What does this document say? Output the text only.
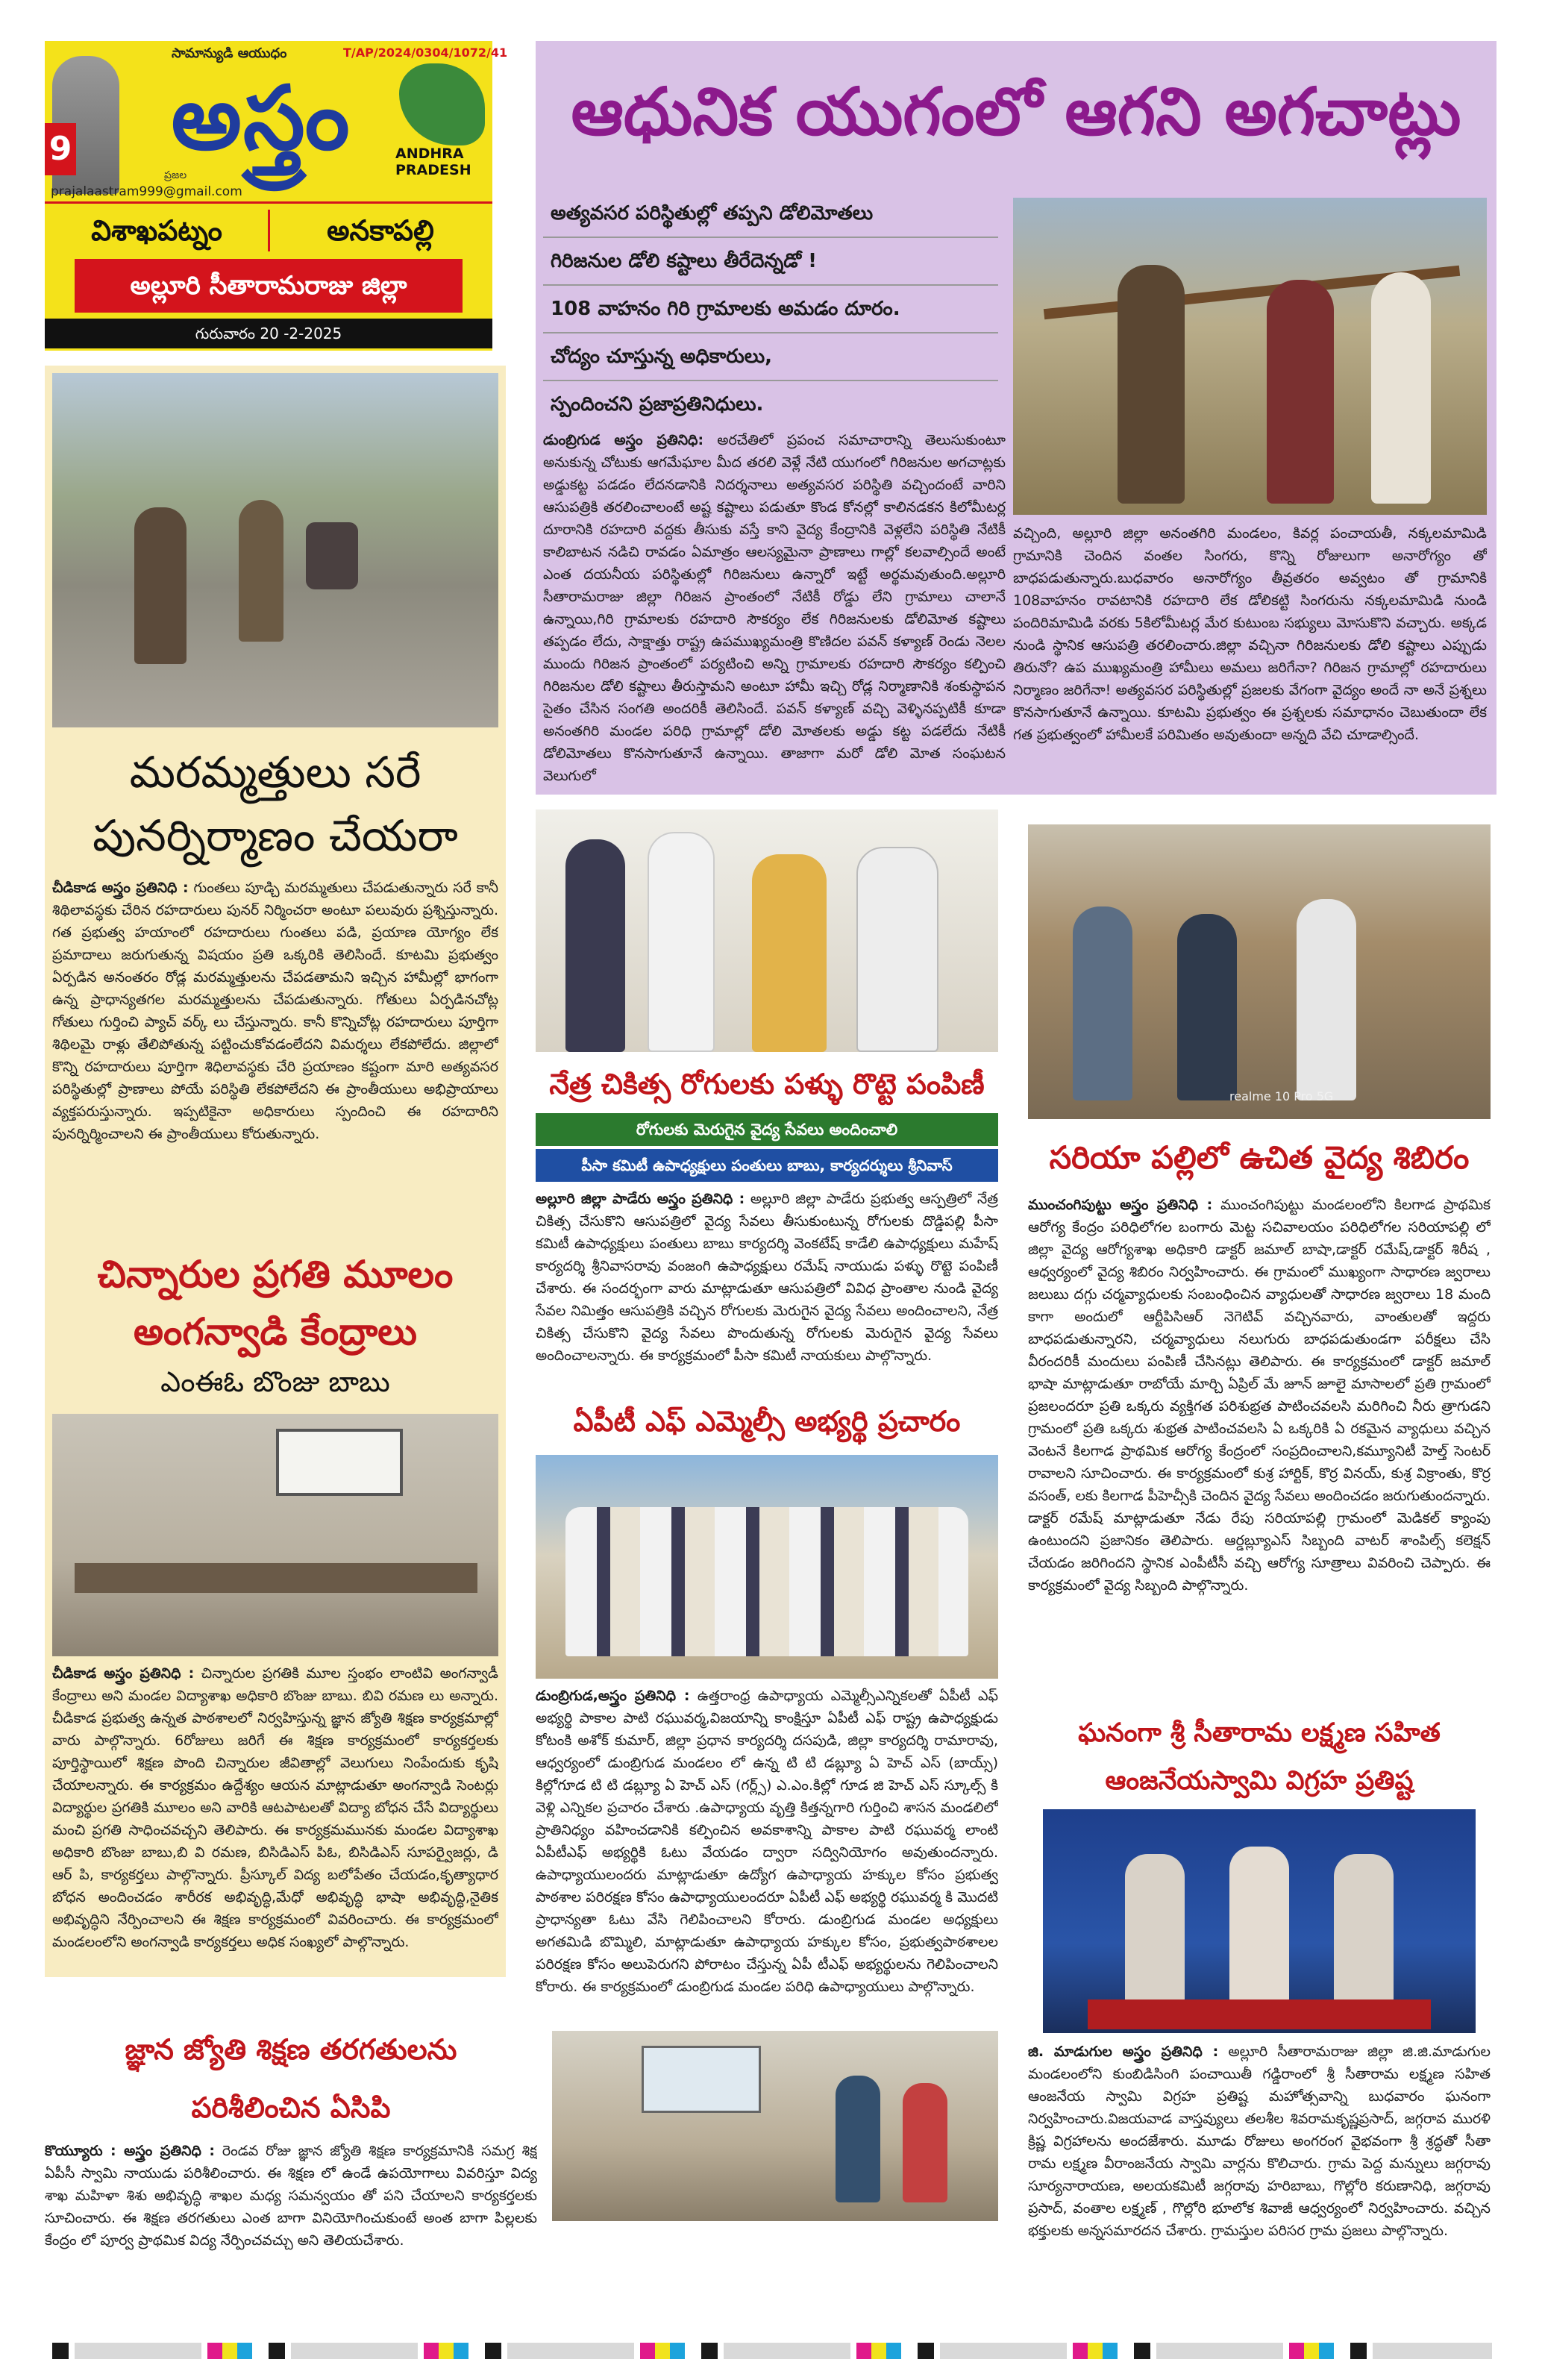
9
సామాన్యుడి ఆయుధం	T/AP/2024/0304/1072/41
అస్త్రం
ప్రజల
ANDHRA
PRADESH
prajalaastram999@gmail.com
విశాఖపట్నం	అనకాపల్లి
అల్లూరి సీతారామరాజు జిల్లా
గురువారం 20 -2-2025
ఆధునిక యుగంలో ఆగని అగచాట్లు
అత్యవసర పరిస్థితుల్లో తప్పని డోలిమోతలు
గిరిజనుల డోలి కష్టాలు తీరేదెన్నడో !
108 వాహనం గిరి గ్రామాలకు అమడం దూరం.
చోద్యం చూస్తున్న అధికారులు,
స్పందించని ప్రజాప్రతినిధులు.
డుంబ్రిగుడ అస్త్రం ప్రతినిధి: అరచేతిలో ప్రపంచ సమాచారాన్ని తెలుసుకుంటూ అనుకున్న చోటుకు ఆగమేఘాల మీద తరలి వెళ్లే నేటి యుగంలో గిరిజనుల అగచాట్లకు అడ్డుకట్ట పడడం లేదనడానికి నిదర్శనాలు అత్యవసర పరిస్థితి వచ్చిందంటే వారిని ఆసుపత్రికి తరలించాలంటే అష్ట కష్టాలు పడుతూ కొండ కోనల్లో కాలినడకన కిలోమీటర్ల దూరానికి రహదారి వద్దకు తీసుకు వస్తే కాని వైద్య కేంద్రానికి వెళ్లలేని పరిస్థితి నేటికీ కాలిబాటన నడిచి రావడం ఏమాత్రం ఆలస్యమైనా ప్రాణాలు గాల్లో కలవాల్సిందే అంటే ఎంత దయనీయ పరిస్థితుల్లో గిరిజనులు ఉన్నారో ఇట్టే అర్థమవుతుంది.అల్లూరి సీతారామరాజు జిల్లా గిరిజన ప్రాంతంలో నేటికీ రోడ్డు లేని గ్రామాలు చాలానే ఉన్నాయి,గిరి గ్రామాలకు రహదారి సౌకర్యం లేక గిరిజనులకు డోలిమోత కష్టాలు తప్పడం లేదు, సాక్షాత్తు రాష్ట్ర ఉపముఖ్యమంత్రి కొణిదల పవన్ కళ్యాణ్ రెండు నెలల ముందు గిరిజన ప్రాంతంలో పర్యటించి అన్ని గ్రామాలకు రహదారి సౌకర్యం కల్పించి గిరిజనుల డోలి కష్టాలు తీరుస్తామని అంటూ హామీ ఇచ్చి రోడ్ల నిర్మాణానికి శంకుస్థాపన సైతం చేసిన సంగతి అందరికీ తెలిసిందే. పవన్ కళ్యాణ్ వచ్చి వెళ్ళినప్పటికీ కూడా అనంతగిరి మండల పరిధి గ్రామాల్లో డోలి మోతలకు అడ్డు కట్ట పడలేదు నేటికీ డోలిమోతలు కొనసాగుతూనే ఉన్నాయి. తాజాగా మరో డోలి మోత సంఘటన వెలుగులో
వచ్చింది, అల్లూరి జిల్లా అనంతగిరి మండలం, కివర్ల పంచాయతీ, నక్కలమామిడి గ్రామానికి చెందిన వంతల సింగరు, కొన్ని రోజులుగా అనారోగ్యం తో బాధపడుతున్నారు.బుధవారం అనారోగ్యం తీవ్రతరం అవ్వటం తో గ్రామానికి 108వాహనం రావటానికి రహదారి లేక డోలికట్టి సింగరును నక్కలమామిడి నుండి పందిరిమామిడి వరకు 5కిలోమీటర్ల మేర కుటుంబ సభ్యులు మోసుకొని వచ్చారు. అక్కడ నుండి స్థానిక ఆసుపత్రి తరలించారు.జిల్లా వచ్చినా గిరిజనులకు డోలి కష్టాలు ఎప్పుడు తిరునో? ఉప ముఖ్యమంత్రి హామీలు అమలు జరిగేనా? గిరిజన గ్రామాల్లో రహదారులు నిర్మాణం జరిగేనా! అత్యవసర పరిస్థితుల్లో ప్రజలకు వేగంగా వైద్యం అందే నా అనే ప్రశ్నలు కొనసాగుతూనే ఉన్నాయి. కూటమి ప్రభుత్వం ఈ ప్రశ్నలకు సమాధానం చెబుతుందా లేక గత ప్రభుత్వంలో హామీలకే పరిమితం అవుతుందా అన్నది వేచి చూడాల్సిందే.
మరమ్మత్తులు సరే
పునర్నిర్మాణం చేయరా
చీడికాడ అస్త్రం ప్రతినిధి : గుంతలు పూడ్చి మరమ్మతులు చేపడుతున్నారు సరే కానీ శిథిలావస్థకు చేరిన రహదారులు పునర్ నిర్మించరా అంటూ పలువురు ప్రశ్నిస్తున్నారు. గత ప్రభుత్వ హయాంలో రహదారులు గుంతలు పడి, ప్రయాణ యోగ్యం లేక ప్రమాదాలు జరుగుతున్న విషయం ప్రతి ఒక్కరికి తెలిసిందే. కూటమి ప్రభుత్వం ఏర్పడిన అనంతరం రోడ్ల మరమ్మత్తులను చేపడతామని ఇచ్చిన హామీల్లో భాగంగా ఉన్న ప్రాధాన్యతగల మరమ్మత్తులను చేపడుతున్నారు. గోతులు ఏర్పడినచోట్ల గోతులు గుర్తించి ప్యాచ్ వర్క్ లు చేస్తున్నారు. కానీ కొన్నిచోట్ల రహదారులు పూర్తిగా శిథిలమై రాళ్లు తేలిపోతున్న పట్టించుకోవడంలేదని విమర్శలు లేకపోలేదు. జిల్లాలో కొన్ని రహదారులు పూర్తిగా శిధిలావస్థకు చేరి ప్రయాణం కష్టంగా మారి అత్యవసర పరిస్థితుల్లో ప్రాణాలు పోయే పరిస్థితి లేకపోలేదని ఈ ప్రాంతీయులు అభిప్రాయాలు వ్యక్తపరుస్తున్నారు. ఇప్పటికైనా అధికారులు స్పందించి ఈ రహదారిని పునర్నిర్మించాలని ఈ ప్రాంతీయులు కోరుతున్నారు.
చిన్నారుల ప్రగతి మూలం
అంగన్వాడి కేంద్రాలు
ఎంఈఓ బొంజు బాబు
చీడికాడ అస్త్రం ప్రతినిధి : చిన్నారుల ప్రగతికి మూల స్తంభం లాంటివి అంగన్వాడీ కేంద్రాలు అని మండల విద్యాశాఖ అధికారి బొంజు బాబు. బివి రమణ లు అన్నారు. చీడికాడ ప్రభుత్వ ఉన్నత పాఠశాలలో నిర్వహిస్తున్న జ్ఞాన జ్యోతి శిక్షణ కార్యక్రమాల్లో వారు పాల్గొన్నారు. 6రోజులు జరిగే ఈ శిక్షణ కార్యక్రమంలో కార్యకర్తలకు పూర్తిస్థాయిలో శిక్షణ పొంది చిన్నారుల జీవితాల్లో వెలుగులు నింపేందుకు కృషి చేయాలన్నారు. ఈ కార్యక్రమం ఉద్దేశ్యం ఆయన మాట్లాడుతూ అంగన్వాడి సెంటర్లు విద్యార్థుల ప్రగతికి మూలం అని వారికి ఆటపాటలతో విద్యా బోధన చేసే విద్యార్థులు మంచి ప్రగతి సాధించవచ్చని తెలిపారు. ఈ కార్యక్రమమునకు మండల విద్యాశాఖ అధికారి బొంజు బాబు,బి వి రమణ, బిసిడిఎస్ పిఓ, బిసిడిఎస్ సూపర్వైజర్లు, డి ఆర్ పి, కార్యకర్తలు పాల్గొన్నారు. ప్రీస్కూల్ విద్య బలోపేతం చేయడం,కృత్యాధార బోధన అందించడం శారీరక అభివృద్ధి,మేధో అభివృద్ధి భాషా అభివృద్ధి,నైతిక అభివృద్ధిని నేర్పించాలని ఈ శిక్షణ కార్యక్రమంలో వివరించారు. ఈ కార్యక్రమంలో మండలంలోని అంగన్వాడి కార్యకర్తలు అధిక సంఖ్యలో పాల్గొన్నారు.
నేత్ర చికిత్స రోగులకు పళ్ళు రొట్టె పంపిణీ
రోగులకు మెరుగైన వైద్య సేవలు అందించాలి
పీసా కమిటీ ఉపాధ్యక్షులు పంతులు బాబు, కార్యదర్శులు శ్రీనివాస్
అల్లూరి జిల్లా పాడేరు అస్త్రం ప్రతినిధి : అల్లూరి జిల్లా పాడేరు ప్రభుత్వ ఆస్పత్రిలో నేత్ర చికిత్స చేసుకొని ఆసుపత్రిలో వైద్య సేవలు తీసుకుంటున్న రోగులకు దొడ్డిపల్లి పీసా కమిటీ ఉపాధ్యక్షులు పంతులు బాబు కార్యదర్శి వెంకటేష్ కాడేలి ఉపాధ్యక్షులు మహేష్ కార్యదర్శి శ్రీనివాసరావు వంజంగి ఉపాధ్యక్షులు రమేష్ నాయుడు పళ్ళు రొట్టె పంపిణీ చేశారు. ఈ సందర్భంగా వారు మాట్లాడుతూ ఆసుపత్రిలో వివిధ ప్రాంతాల నుండి వైద్య సేవల నిమిత్తం ఆసుపత్రికి వచ్చిన రోగులకు మెరుగైన వైద్య సేవలు అందించాలని, నేత్ర చికిత్స చేసుకొని వైద్య సేవలు పొందుతున్న రోగులకు మెరుగైన వైద్య సేవలు అందించాలన్నారు. ఈ కార్యక్రమంలో పీసా కమిటీ నాయకులు పాల్గొన్నారు.
ఏపీటీ ఎఫ్ ఎమ్మెల్సీ అభ్యర్థి ప్రచారం
డుంబ్రిగుడ,అస్త్రం ప్రతినిధి : ఉత్తరాంధ్ర ఉపాధ్యాయ ఎమ్మెల్సీఎన్నికలతో ఏపీటీ ఎఫ్ అభ్యర్థి పాకాల పాటి రఘువర్మ,విజయాన్ని కాంక్షిస్తూ ఏపీటీ ఎఫ్ రాష్ట్ర ఉపాధ్యక్షుడు కోటంకి అశోక్ కుమార్, జిల్లా ప్రధాన కార్యదర్శి దసపుడి, జిల్లా కార్యదర్శి రామారావు, ఆధ్వర్యంలో డుంబ్రిగుడ మండలం లో ఉన్న టి టి డబ్ల్యూ ఏ హెచ్ ఎస్ (బాయ్స్) కిల్లోగూడ టి టి డబ్ల్యూ ఏ హెచ్ ఎస్ (గర్ల్స్) ఎ.ఎం.కిల్లో గూడ జి హెచ్ ఎస్ స్కూల్స్ కి వెళ్లి ఎన్నికల ప్రచారం చేశారు .ఉపాధ్యాయ వృత్తి కిత్తన్నగారి గుర్తించి శాసన మండలిలో ప్రాతినిధ్యం వహించడానికి కల్పించిన అవకాశాన్ని పాకాల పాటి రఘువర్మ లాంటి ఏపీటీఎఫ్ అభ్యర్థికి ఓటు వేయడం ద్వారా సద్వినియోగం అవుతుందన్నారు. ఉపాధ్యాయులందరు మాట్లాడుతూ ఉద్యోగ ఉపాధ్యాయ హక్కుల కోసం ప్రభుత్వ పాఠశాల పరిరక్షణ కోసం ఉపాధ్యాయులందరూ ఏపీటీ ఎఫ్ అభ్యర్థి రఘువర్మ కి మొదటి ప్రాధాన్యతా ఓటు వేసి గెలిపించాలని కోరారు. డుంబ్రిగుడ మండల అధ్యక్షులు అగతమిడి బొమ్మిలి, మాట్లాడుతూ ఉపాధ్యాయ హక్కుల కోసం, ప్రభుత్వపాఠశాలల పరిరక్షణ కోసం అలుపెరుగని పోరాటం చేస్తున్న ఏపీ టీఎఫ్ అభ్యర్థులను గెలిపించాలని కోరారు. ఈ కార్యక్రమంలో డుంబ్రిగుడ మండల పరిధి ఉపాధ్యాయులు పాల్గొన్నారు.
realme 10 Pro 5G
సరియా పల్లిలో ఉచిత వైద్య శిబిరం
ముంచంగిపుట్టు అస్త్రం ప్రతినిధి : ముంచంగిపుట్టు మండలంలోని కిలగాడ ప్రాథమిక ఆరోగ్య కేంద్రం పరిధిలోగల బంగారు మెట్ట సచివాలయం పరిధిలోగల సరియాపల్లి లో జిల్లా వైద్య ఆరోగ్యశాఖ అధికారి డాక్టర్ జమాల్ బాషా,డాక్టర్ రమేష్,డాక్టర్ శిరీష , ఆధ్వర్యంలో వైద్య శిబిరం నిర్వహించారు. ఈ గ్రామంలో ముఖ్యంగా సాధారణ జ్వరాలు జలుబు దగ్గు చర్మవ్యాధులకు సంబంధించిన వ్యాధులతో సాధారణ జ్వరాలు 18 మంది కాగా అందులో ఆర్టీపిసిఆర్ నెగెటివ్ వచ్చినవారు, వాంతులతో ఇద్దరు బాధపడుతున్నారని, చర్మవ్యాధులు నలుగురు బాధపడుతుండగా పరీక్షలు చేసి వీరందరికీ మందులు పంపిణీ చేసినట్లు తెలిపారు. ఈ కార్యక్రమంలో డాక్టర్ జమాల్ భాషా మాట్లాడుతూ రాబోయే మార్చి ఏప్రిల్ మే జూన్ జూలై మాసాలలో ప్రతి గ్రామంలో ప్రజలందరూ ప్రతి ఒక్కరు వ్యక్తిగత పరిశుభ్రత పాటించవలసి మరిగించి నీరు త్రాగుడని గ్రామంలో ప్రతి ఒక్కరు శుభ్రత పాటించవలసి ఏ ఒక్కరికి ఏ రకమైన వ్యాధులు వచ్చిన వెంటనే కిలగాడ ప్రాథమిక ఆరోగ్య కేంద్రంలో సంప్రదించాలని,కమ్యూనిటీ హెల్త్ సెంటర్ రావాలని సూచించారు. ఈ కార్యక్రమంలో కుశ్ర హార్టిక్, కొర్ర వినయ్, కుశ్ర విక్రాంతు, కొర్ర వసంత్, లకు కిలగాడ పీహెచ్సీకి చెందిన వైద్య సేవలు అందించడం జరుగుతుందన్నారు. డాక్టర్ రమేష్ మాట్లాడుతూ నేడు రేపు సరియాపల్లి గ్రామంలో మెడికల్ క్యాంపు ఉంటుందని ప్రజానికం తెలిపారు. ఆర్డబ్ల్యూఎస్ సిబ్బంది వాటర్ శాంపిల్స్ కలెక్షన్ చేయడం జరిగిందని స్థానిక ఎంపీటీసీ వచ్చి ఆరోగ్య సూత్రాలు వివరించి చెప్పారు. ఈ కార్యక్రమంలో వైద్య సిబ్బంది పాల్గొన్నారు.
ఘనంగా శ్రీ సీతారామ లక్ష్మణ సహిత
ఆంజనేయస్వామి విగ్రహ ప్రతిష్ట
జి. మాడుగుల అస్త్రం ప్రతినిధి : అల్లూరి సీతారామరాజు జిల్లా జి.జి.మాడుగుల మండలంలోని కుంబిడిసింగి పంచాయితీ గడ్డిరాంలో శ్రీ సీతారామ లక్ష్మణ సహిత ఆంజనేయ స్వామి విగ్రహ ప్రతిష్ట మహోత్సవాన్ని బుధవారం ఘనంగా నిర్వహించారు.విజయవాడ వాస్తవ్యులు తలశీల శివరామకృష్ణప్రసాద్, జగ్గరావ మురళి క్రిష్ణ విగ్రహాలను అందజేశారు. మూడు రోజులు అంగరంగ వైభవంగా శ్రీ శ్రద్ధతో సీతా రామ లక్ష్మణ వీరాంజనేయ స్వామి వార్లను కొలిచారు. గ్రామ పెద్ద మన్నులు జగ్గరావు సూర్యనారాయణ, అలయకమిటీ జగ్గరావు హరిబాబు, గొల్లోరి కరుణానిధి, జగ్గరావు ప్రసాద్, వంతాల లక్ష్మణ్ , గొల్లోరి భూలోక శివాజీ ఆధ్వర్యంలో నిర్వహించారు. వచ్చిన భక్తులకు అన్నసమారదన చేశారు. గ్రామస్తుల పరిసర గ్రామ ప్రజలు పాల్గొన్నారు.
జ్ఞాన జ్యోతి శిక్షణ తరగతులను
పరిశీలించిన ఏసిపి
కొయ్యూరు : అస్త్రం ప్రతినిధి : రెండవ రోజు జ్ఞాన జ్యోతి శిక్షణ కార్యక్రమానికి సమగ్ర శిక్ష ఏపీసీ స్వామి నాయుడు పరిశీలించారు. ఈ శిక్షణ లో ఉండే ఉపయోగాలు వివరిస్తూ విద్య శాఖ మహిళా శిశు అభివృద్ధి శాఖల మధ్య సమన్వయం తో పని చేయాలని కార్యకర్తలకు సూచించారు. ఈ శిక్షణ తరగతులు ఎంత బాగా వినియోగించుకుంటే అంత బాగా పిల్లలకు కేంద్రం లో పూర్వ ప్రాథమిక విద్య నేర్పించవచ్చు అని తెలియచేశారు.
